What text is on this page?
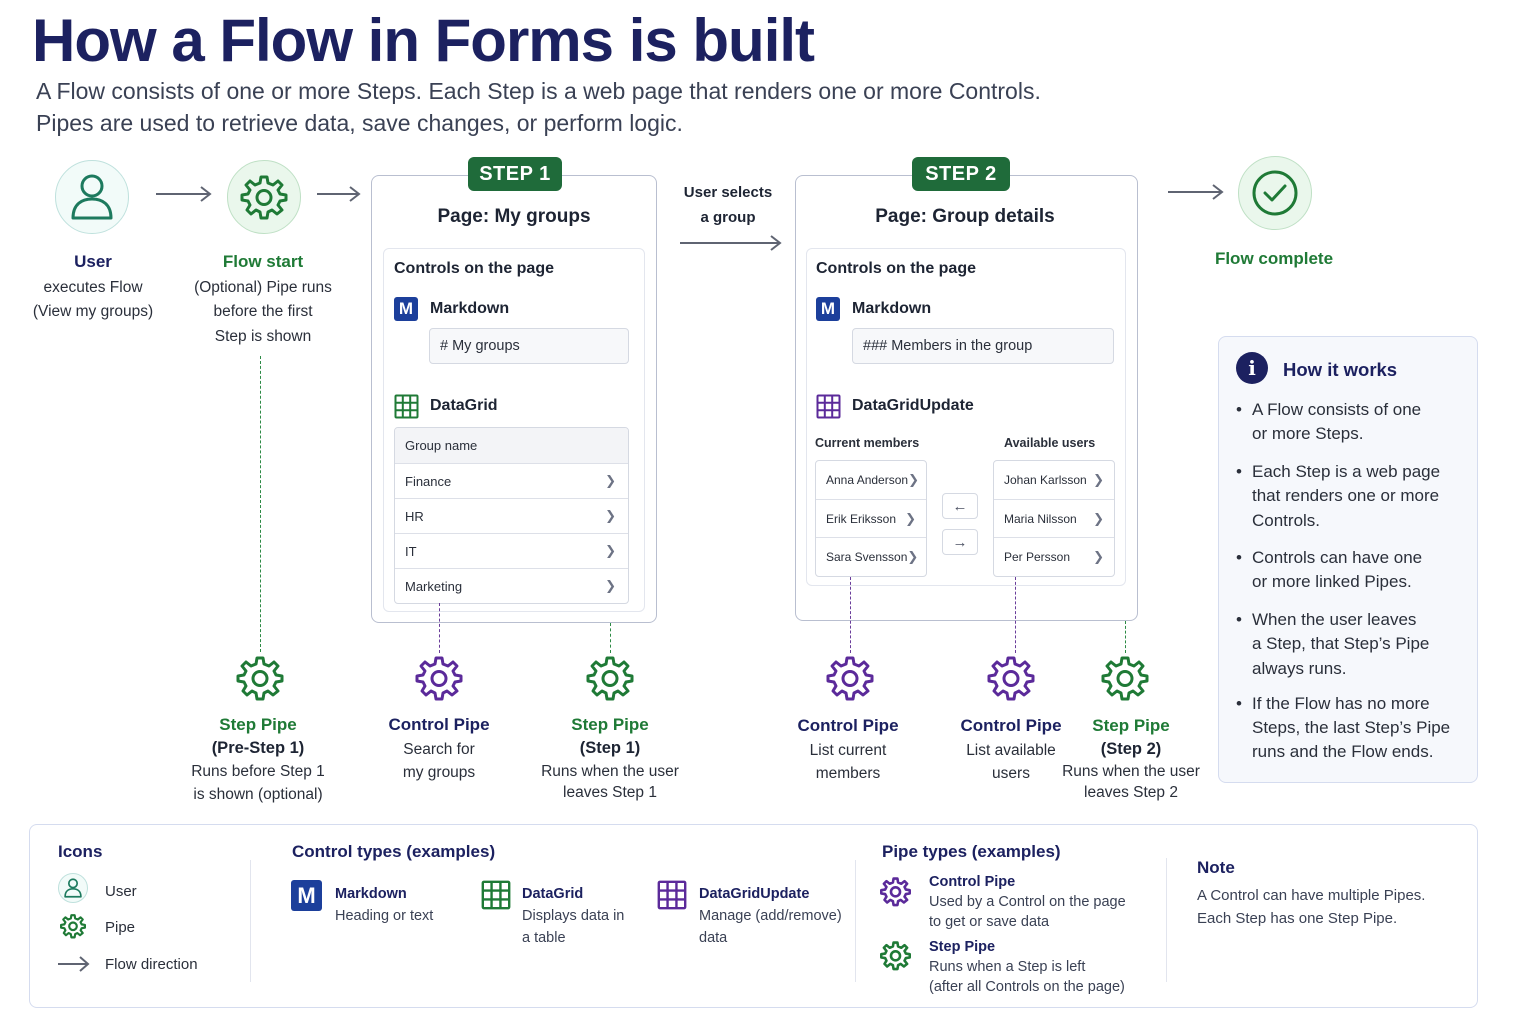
How a Flow in Forms is built
A Flow consists of one or more Steps. Each Step is a web page that renders one or more Controls.
Pipes are used to retrieve data, save changes, or perform logic.
User
executes Flow
(View my groups)
Flow start
(Optional) Pipe runs
before the first
Step is shown
STEP 1
Page: My groups
Controls on the page
M	Markdown
# My groups
DataGrid
Group name
Finance	❯
HR	❯
IT	❯
Marketing	❯
User selects
a group
STEP 2
Page: Group details
Controls on the page
M	Markdown
### Members in the group
DataGridUpdate
Current members	Available users
Anna Anderson ❯
Erik Eriksson ❯
Sara Svensson ❯
←
→
Johan Karlsson ❯
Maria Nilsson ❯
Per Persson ❯
Flow complete
Step Pipe
(Pre-Step 1)
Runs before Step 1
is shown (optional)
Control Pipe
Search for
my groups
Step Pipe
(Step 1)
Runs when the user
leaves Step 1
Control Pipe
List current
members
Control Pipe
List available
users
Step Pipe
(Step 2)
Runs when the user
leaves Step 2
i	How it works
• A Flow consists of one
or more Steps.
• Each Step is a web page
that renders one or more
Controls.
• Controls can have one
or more linked Pipes.
• When the user leaves
a Step, that Step’s Pipe
always runs.
• If the Flow has no more
Steps, the last Step’s Pipe
runs and the Flow ends.
Icons
User
Pipe
Flow direction
Control types (examples)
M	Markdown
Heading or text
DataGrid
Displays data in
a table
DataGridUpdate
Manage (add/remove)
data
Pipe types (examples)
Control Pipe
Used by a Control on the page
to get or save data
Step Pipe
Runs when a Step is left
(after all Controls on the page)
Note
A Control can have multiple Pipes.
Each Step has one Step Pipe.
